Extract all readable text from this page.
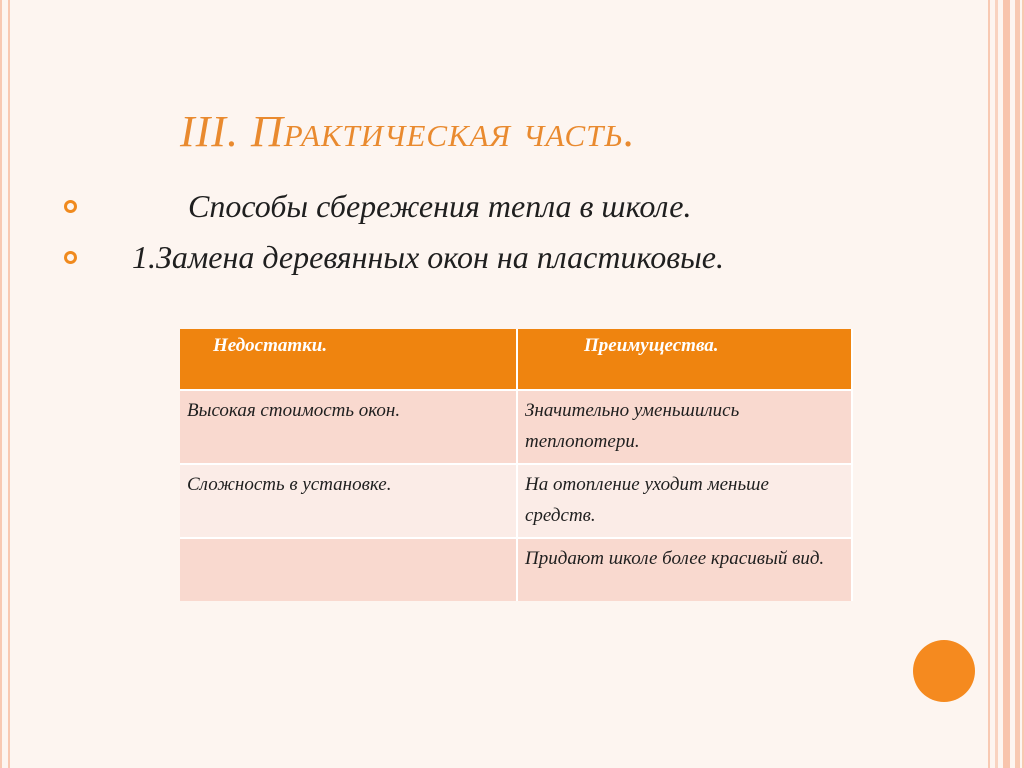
III. Практическая часть.
Способы сбережения тепла в школе.
1.Замена деревянных окон на пластиковые.
Недостатки.	Преимущества.
Высокая стоимость окон.	Значительно уменьшились теплопотери.
Сложность в установке.	На отопление уходит меньше средств.
	Придают школе более красивый вид.
